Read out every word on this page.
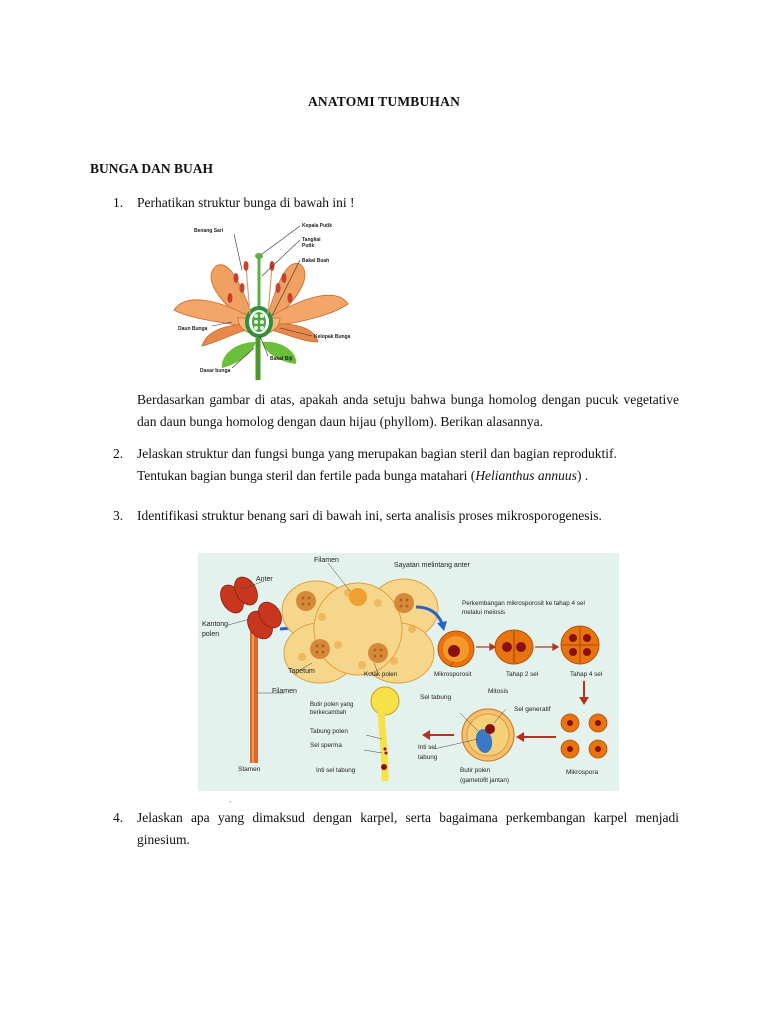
ANATOMI TUMBUHAN
BUNGA DAN BUAH
1. Perhatikan struktur bunga di bawah ini !
Benang Sari
Kepala Putik
Tangkai
Putik
Bakal Buah
Daun Bunga
Kelopak Bunga
Bakal Biji
Dasar bunga
Berdasarkan gambar di atas, apakah anda setuju bahwa bunga homolog dengan pucuk vegetative dan daun bunga homolog dengan daun hijau (phyllom). Berikan alasannya.
2. Jelaskan struktur dan fungsi bunga yang merupakan bagian steril dan bagian reproduktif.
Tentukan bagian bunga steril dan fertile pada bunga matahari (Helianthus annuus) .
3. Identifikasi struktur benang sari di bawah ini, serta analisis proses mikrosporogenesis.
Filamen
Sayatan melintang anter
Anter
Kantong
polen
Perkembangan mikrosporosit ke tahap 4 sel
melalui meiosis
Tapetum	Kotak polen	Mikrosporosit	Tahap 2 sel	Tahap 4 sel
Filamen
Butir polen yang
berkecambah
Sel tabung
Mitosis
Sel generatif
Tabung polen
Sel sperma	Inti sel
tabung
Stamen	Inti sel tabung	Butir polen
(gametofit jantan)
Mikrospora
-
4. Jelaskan apa yang dimaksud dengan karpel, serta bagaimana perkembangan karpel menjadi ginesium.
